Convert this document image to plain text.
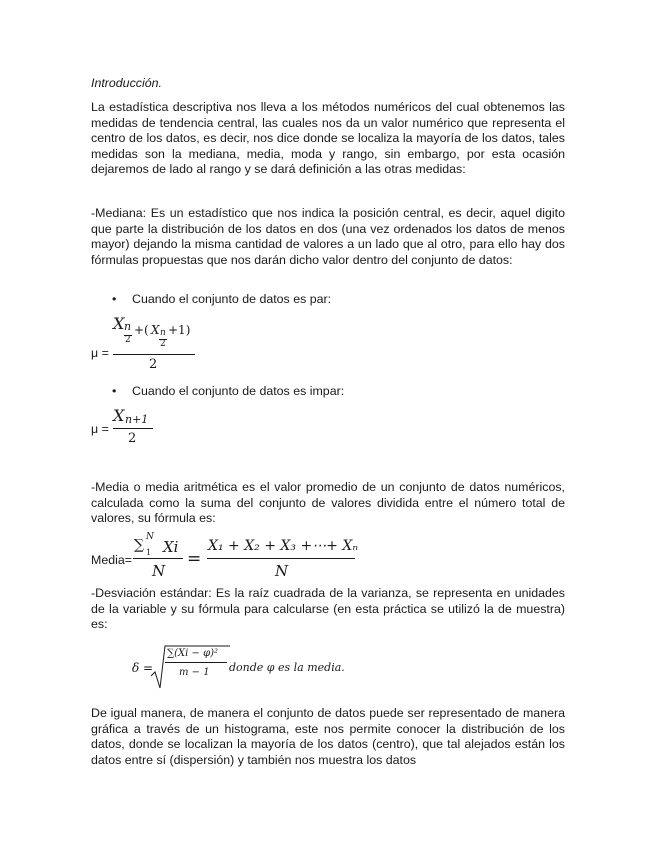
Introducción.
La estadística descriptiva nos lleva a los métodos numéricos del cual obtenemos las medidas de tendencia central, las cuales nos da un valor numérico que representa el centro de los datos, es decir, nos dice donde se localiza la mayoría de los datos, tales medidas son la mediana, media, moda y rango, sin embargo, por esta ocasión dejaremos de lado al rango y se dará definición a las otras medidas:
-Mediana: Es un estadístico que nos indica la posición central, es decir, aquel digito que parte la distribución de los datos en dos (una vez ordenados los datos de menos mayor) dejando la misma cantidad de valores a un lado que al otro, para ello hay dos fórmulas propuestas que nos darán dicho valor dentro del conjunto de datos:
• Cuando el conjunto de datos es par:
μ =
X n
2
+( X n
2
+1)
2
• Cuando el conjunto de datos es impar:
μ =
X n+1
2
-Media o media aritmética es el valor promedio de un conjunto de datos numéricos, calculada como la suma del conjunto de valores dividida entre el número total de valores, su fórmula es:
Media=
∑ 1
N
Xi
N
=
X₁ + X₂ + X₃ +⋯+ Xₙ
N
-Desviación estándar: Es la raíz cuadrada de la varianza, se representa en unidades de la variable y su fórmula para calcularse (en esta práctica se utilizó la de muestra) es:
δ =
∑(Xi − φ)²
m − 1 donde φ es la media.
De igual manera, de manera el conjunto de datos puede ser representado de manera gráfica a través de un histograma, este nos permite conocer la distribución de los datos, donde se localizan la mayoría de los datos (centro), que tal alejados están los datos entre sí (dispersión) y también nos muestra los datos
